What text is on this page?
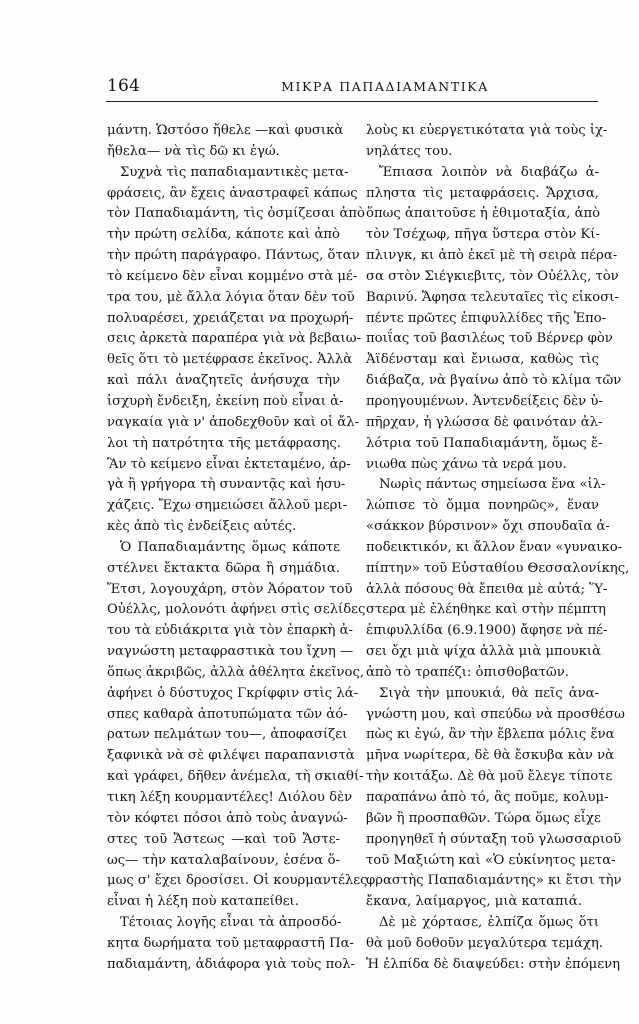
164	ΜΙΚΡΑ ΠΑΠΑΔΙΑΜΑΝΤΙΚΑ

μάντη. Ὡστόσο ἤθελε —καὶ φυσικὰ

ἤθελα— νὰ τὶς δῶ κι ἐγώ.

Συχνὰ τὶς παπαδιαμαντικὲς μετα-

φράσεις, ἂν ἔχεις ἀναστραφεῖ κάπως

τὸν Παπαδιαμάντη, τὶς ὀσμίζεσαι ἀπὸ

τὴν πρώτη σελίδα, κάποτε καὶ ἀπὸ

τὴν πρώτη παράγραφο. Πάντως, ὅταν

τὸ κείμενο δὲν εἶναι κομμένο στὰ μέ-

τρα του, μὲ ἄλλα λόγια ὅταν δὲν τοῦ

πολυαρέσει, χρειάζεται να προχωρή-

σεις ἀρκετὰ παραπέρα γιὰ νὰ βεβαιω-

θεῖς ὅτι τὸ μετέφρασε ἐκεῖνος. Ἀλλὰ

καὶ πάλι ἀναζητεῖς ἀνήσυχα τὴν

ἰσχυρὴ ἔνδειξη, ἐκείνη ποὺ εἶναι ἀ-

ναγκαία γιὰ ν' ἀποδεχθοῦν καὶ οἱ ἄλ-

λοι τὴ πατρότητα τῆς μετάφρασης.

Ἂν τὸ κείμενο εἶναι ἐκτεταμένο, ἀρ-

γὰ ἢ γρήγορα τὴ συναντᾷς καὶ ἡσυ-

χάζεις. Ἔχω σημειώσει ἄλλοῦ μερι-

κὲς ἀπὸ τὶς ἐνδείξεις αὐτές.

Ὁ Παπαδιαμάντης ὅμως κάποτε

στέλνει ἔκτακτα δῶρα ἢ σημάδια.

Ἔτσι, λογουχάρη, στὸν Ἀόρατον τοῦ

Οὐέλλς, μολονότι ἀφήνει στὶς σελίδες

του τὰ εὐδιάκριτα γιὰ τὸν ἐπαρκὴ ἀ-

ναγνώστη μεταφραστικὰ του ἴχνη —

ὅπως ἀκριβῶς, ἀλλὰ ἀθέλητα ἐκεῖνος,

ἀφήνει ὁ δύστυχος Γκρίφφιν στὶς λά-

σπες καθαρὰ ἀποτυπώματα τῶν ἀό-

ρατων πελμάτων του—, ἀποφασίζει

ξαφνικὰ νὰ σὲ φιλέψει παραπανιστὰ

καὶ γράφει, δῆθεν ἀνέμελα, τὴ σκιαθί-

τικη λέξη κουρμαντέλες! Διόλου δὲν

τὸν κόφτει πόσοι ἀπὸ τοὺς ἀναγνώ-

στες τοῦ Ἄστεως —καὶ τοῦ Ἄστε-

ως— τὴν καταλαβαίνουν, ἐσένα ὅ-

μως σ' ἔχει δροσίσει. Οἱ κουρμαντέλες

εἶναι ἡ λέξη ποὺ καταπείθει.

Τέτοιας λογῆς εἶναι τὰ ἀπροσδό-

κητα δωρήματα τοῦ μεταφραστῆ Πα-

παδιαμάντη, ἀδιάφορα γιὰ τοὺς πολ-

λοὺς κι εὐεργετικότατα γιὰ τοὺς ἰχ-

νηλάτες του.

Ἔπιασα λοιπὸν νὰ διαβάζω ἀ-

πληστα τὶς μεταφράσεις. Ἄρχισα,

ὅπως ἀπαιτοῦσε ἡ ἐθιμοταξία, ἀπὸ

τὸν Τσέχωφ, πῆγα ὕστερα στὸν Κί-

πλινγκ, κι ἀπὸ ἐκεῖ μὲ τὴ σειρὰ πέρα-

σα στὸν Σιέγκιεβιτς, τὸν Οὐέλλς, τὸν

Βαρινύ. Ἄφησα τελευταῖες τὶς εἰκοσι-

πέντε πρῶτες ἐπιφυλλίδες τῆς Ἐπο-

ποιΐας τοῦ βασιλέως τοῦ Βέρνερ φὸν

Ἀϊδένσταμ καὶ ἔνιωσα, καθὼς τὶς

διάβαζα, νὰ βγαίνω ἀπὸ τὸ κλίμα τῶν

προηγουμένων. Ἀντενδείξεις δὲν ὑ-

πῆρχαν, ἡ γλώσσα δὲ φαινόταν ἀλ-

λότρια τοῦ Παπαδιαμάντη, ὅμως ἔ-

νιωθα πὼς χάνω τὰ νερά μου.

Νωρὶς πάντως σημείωσα ἕνα «ἰλ-

λώπισε τὸ ὄμμα πονηρῶς», ἕναν

«σάκκον βύρσινον» ὄχι σπουδαῖα ἀ-

ποδεικτικόν, κι ἄλλον ἕναν «γυναικο-

πίπτην» τοῦ Εὐσταθίου Θεσσαλονίκης,

ἀλλὰ πόσους θὰ ἔπειθα μὲ αὐτά; Ὕ-

στερα μὲ ἐλέηθηκε καὶ στὴν πέμπτη

ἐπιφυλλίδα (6.9.1900) ἄφησε νὰ πέ-

σει ὄχι μιὰ ψίχα ἀλλὰ μιὰ μπουκιὰ

ἀπὸ τὸ τραπέζι: ὀπισθοβατῶν.

Σιγὰ τὴν μπουκιά, θὰ πεῖς ἀνα-

γνώστη μου, καὶ σπεύδω νὰ προσθέσω

πὼς κι ἐγώ, ἂν τὴν ἔβλεπα μόλις ἕνα

μῆνα νωρίτερα, δὲ θὰ ἔσκυβα κὰν νὰ

τὴν κοιτάξω. Δὲ θὰ μοῦ ἔλεγε τίποτε

παραπάνω ἀπὸ τό, ἂς ποῦμε, κολυμ-

βῶν ἢ προσπαθῶν. Τώρα ὅμως εἶχε

προηγηθεῖ ἡ σύνταξη τοῦ γλωσσαριοῦ

τοῦ Μαξιώτη καὶ «Ὁ εὐκίνητος μετα-

φραστὴς Παπαδιαμάντης» κι ἔτσι τὴν

ἔκανα, λαίμαργος, μιὰ καταπιά.

Δὲ μὲ χόρτασε, ἐλπίζα ὅμως ὅτι

θὰ μοῦ δοθοῦν μεγαλύτερα τεμάχη.

Ἡ ἐλπίδα δὲ διαψεύδει: στὴν ἑπόμενη
